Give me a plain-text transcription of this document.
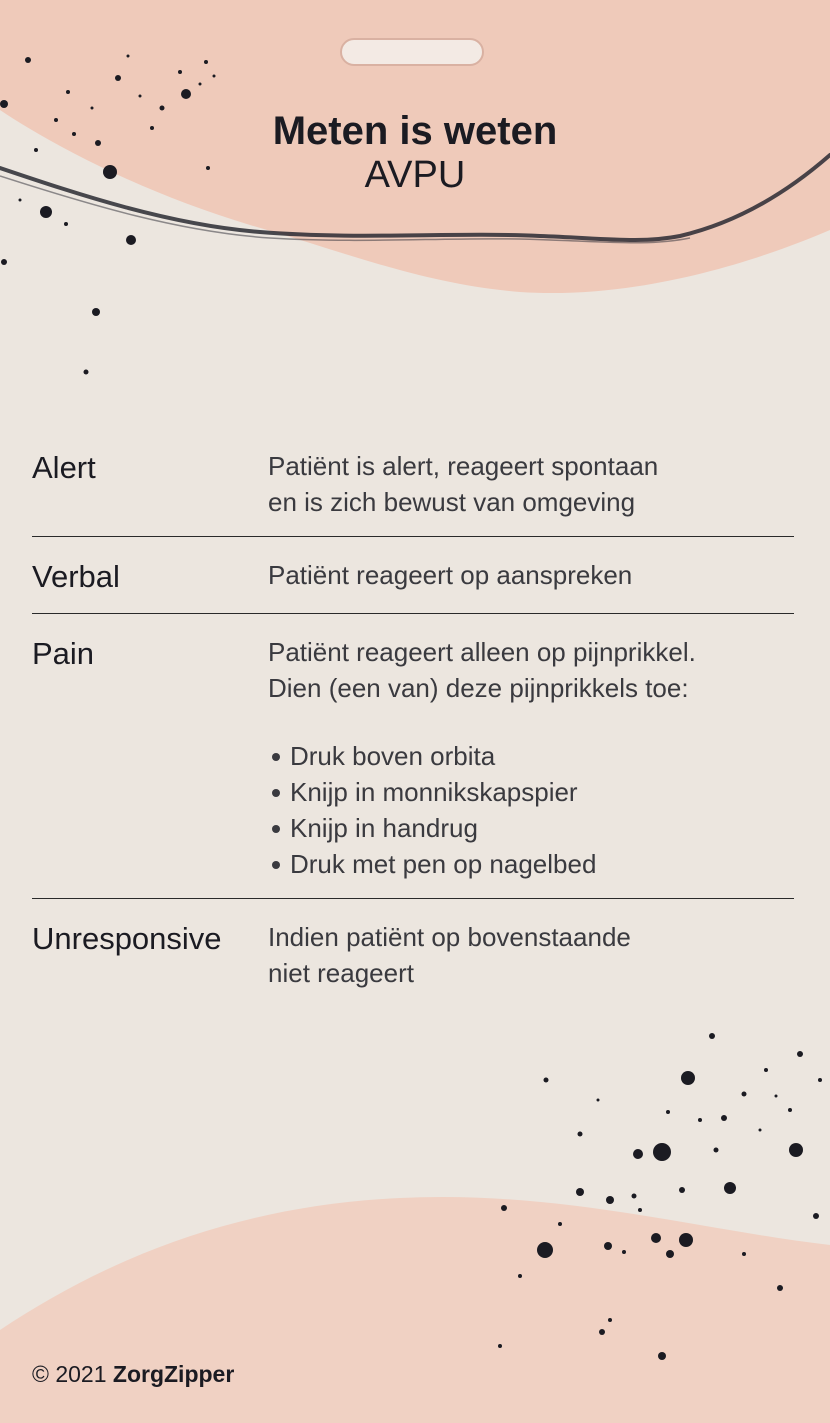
Meten is weten
AVPU
Alert	Patiënt is alert, reageert spontaan

en is zich bewust van omgeving

Verbal	Patiënt reageert op aanspreken

Pain	Patiënt reageert alleen op pijnprikkel.

Dien (een van) deze pijnprikkels toe:

Druk boven orbita
Knijp in monnikskapspier
Knijp in handrug
Druk met pen op nagelbed
Unresponsive	Indien patiënt op bovenstaande

niet reageert

© 2021 ZorgZipper
